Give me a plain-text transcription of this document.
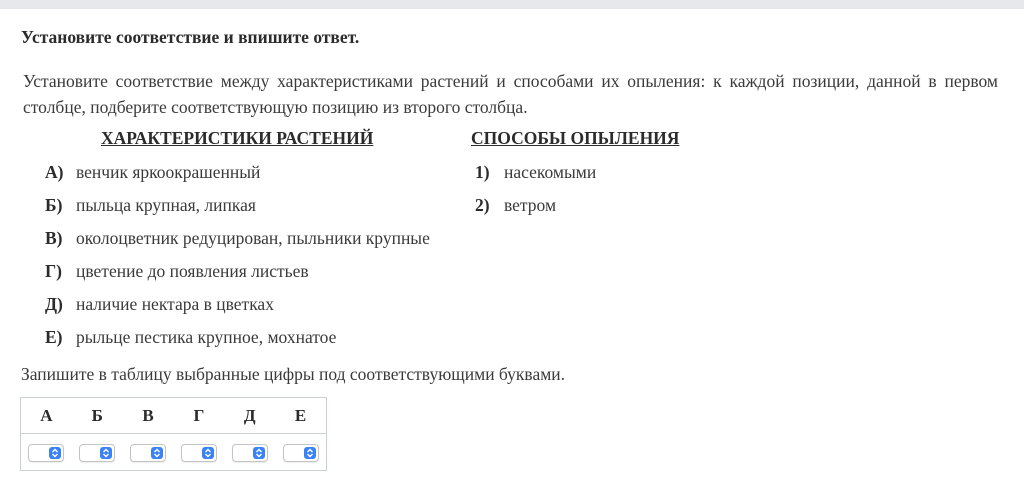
Установите соответствие и впишите ответ.
Установите соответствие между характеристиками растений и способами их опыления: к каждой позиции, данной в первом столбце, подберите соответствующую позицию из второго столбца.
ХАРАКТЕРИСТИКИ РАСТЕНИЙ	СПОСОБЫ ОПЫЛЕНИЯ
А) венчик яркоокрашенный
Б) пыльца крупная, липкая
В) околоцветник редуцирован, пыльники крупные
Г) цветение до появления листьев
Д) наличие нектара в цветках
Е) рыльце пестика крупное, мохнатое
1) насекомыми
2) ветром
Запишите в таблицу выбранные цифры под соответствующими буквами.
А	Б	В	Г	Д	Е
